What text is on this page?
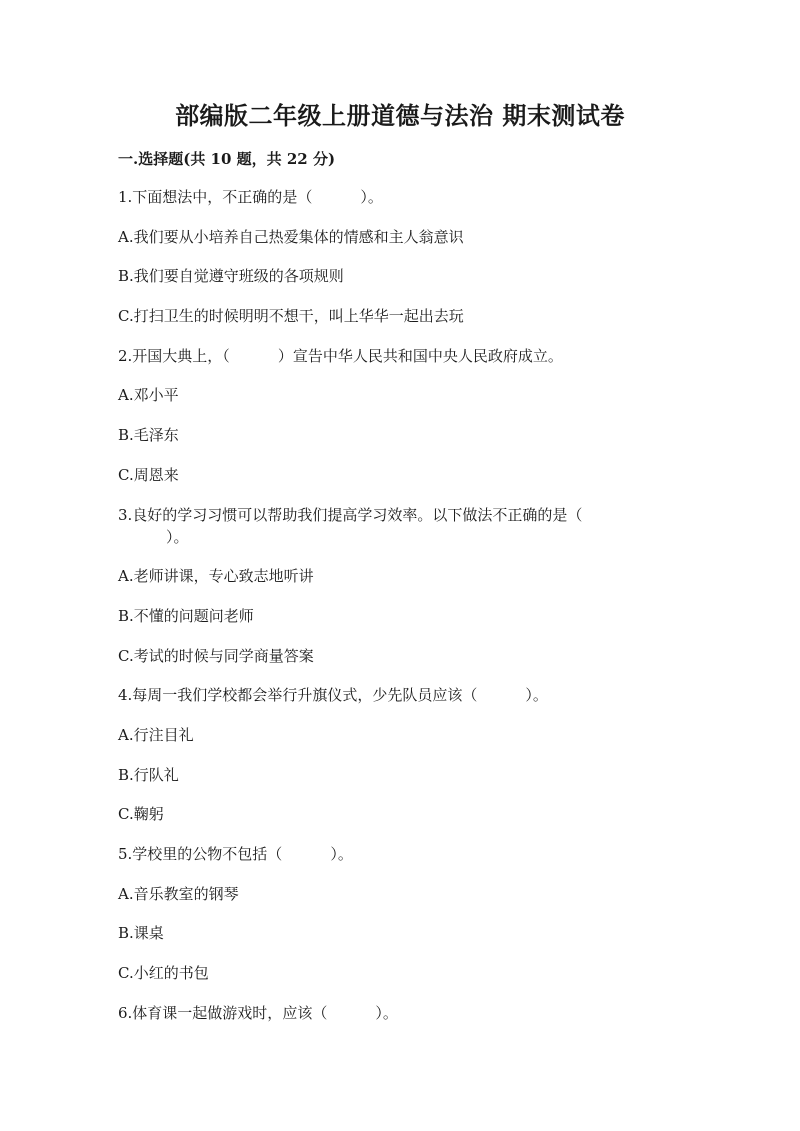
部编版二年级上册道德与法治 期末测试卷
一.选择题(共 10 题，共 22 分)
1.下面想法中，不正确的是（	）。
A.我们要从小培养自己热爱集体的情感和主人翁意识
B.我们要自觉遵守班级的各项规则
C.打扫卫生的时候明明不想干，叫上华华一起出去玩
2.开国大典上，（	）宣告中华人民共和国中央人民政府成立。
A.邓小平
B.毛泽东
C.周恩来
3.良好的学习习惯可以帮助我们提高学习效率。以下做法不正确的是（）。
A.老师讲课，专心致志地听讲
B.不懂的问题问老师
C.考试的时候与同学商量答案
4.每周一我们学校都会举行升旗仪式，少先队员应该（	）。
A.行注目礼
B.行队礼
C.鞠躬
5.学校里的公物不包括（	）。
A.音乐教室的钢琴
B.课桌
C.小红的书包
6.体育课一起做游戏时，应该（	）。
